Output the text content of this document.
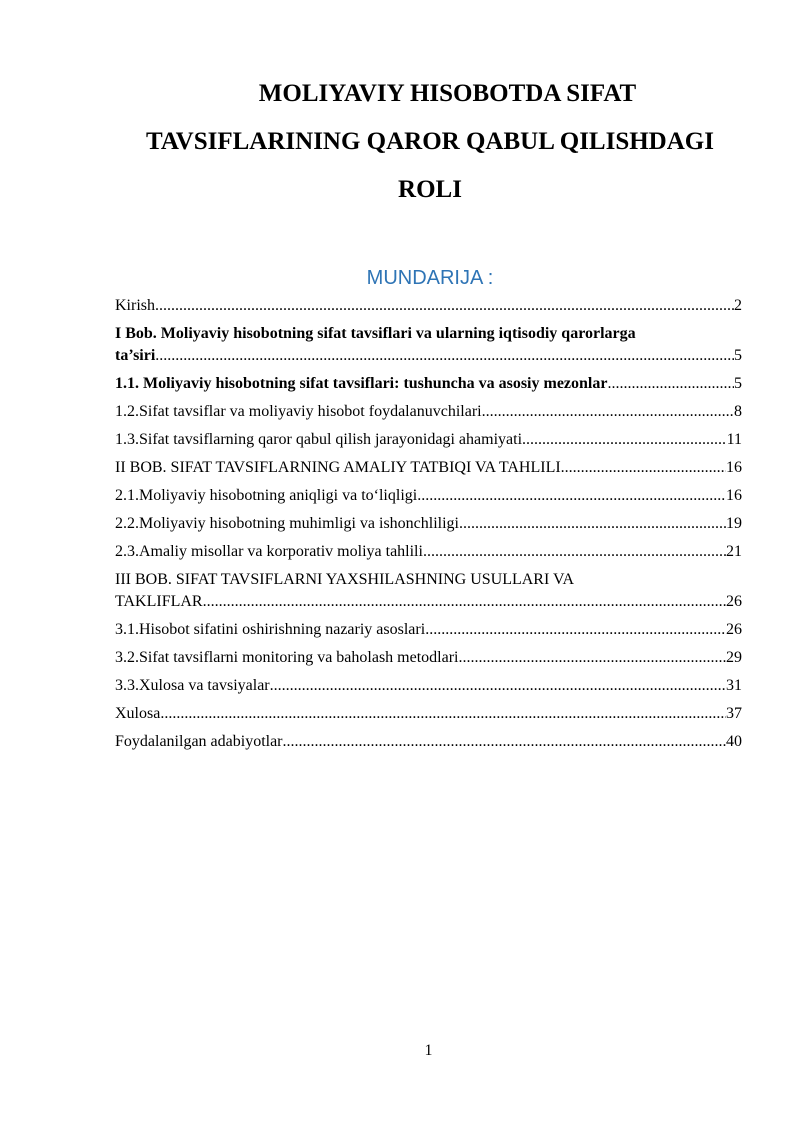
MOLIYAVIY HISOBOTDA SIFAT
TAVSIFLARINING QAROR QABUL QILISHDAGI
ROLI
MUNDARIJA :
Kirish .....	2
I Bob. Moliyaviy hisobotning sifat tavsiflari va ularning iqtisodiy qarorlarga
ta’siri .....	5
1.1. Moliyaviy hisobotning sifat tavsiflari: tushuncha va asosiy mezonlar .....	5
1.2.Sifat tavsiflar va moliyaviy hisobot foydalanuvchilari .....	8
1.3.Sifat tavsiflarning qaror qabul qilish jarayonidagi ahamiyati .....	11
II BOB. SIFAT TAVSIFLARNING AMALIY TATBIQI VA TAHLILI .....	16
2.1.Moliyaviy hisobotning aniqligi va to‘liqligi .....	16
2.2.Moliyaviy hisobotning muhimligi va ishonchliligi .....	19
2.3.Amaliy misollar va korporativ moliya tahlili .....	21
III BOB. SIFAT TAVSIFLARNI YAXSHILASHNING USULLARI VA
TAKLIFLAR .....	26
3.1.Hisobot sifatini oshirishning nazariy asoslari .....	26
3.2.Sifat tavsiflarni monitoring va baholash metodlari .....	29
3.3.Xulosa va tavsiyalar .....	31
Xulosa .....	37
Foydalanilgan adabiyotlar .....	40
1
